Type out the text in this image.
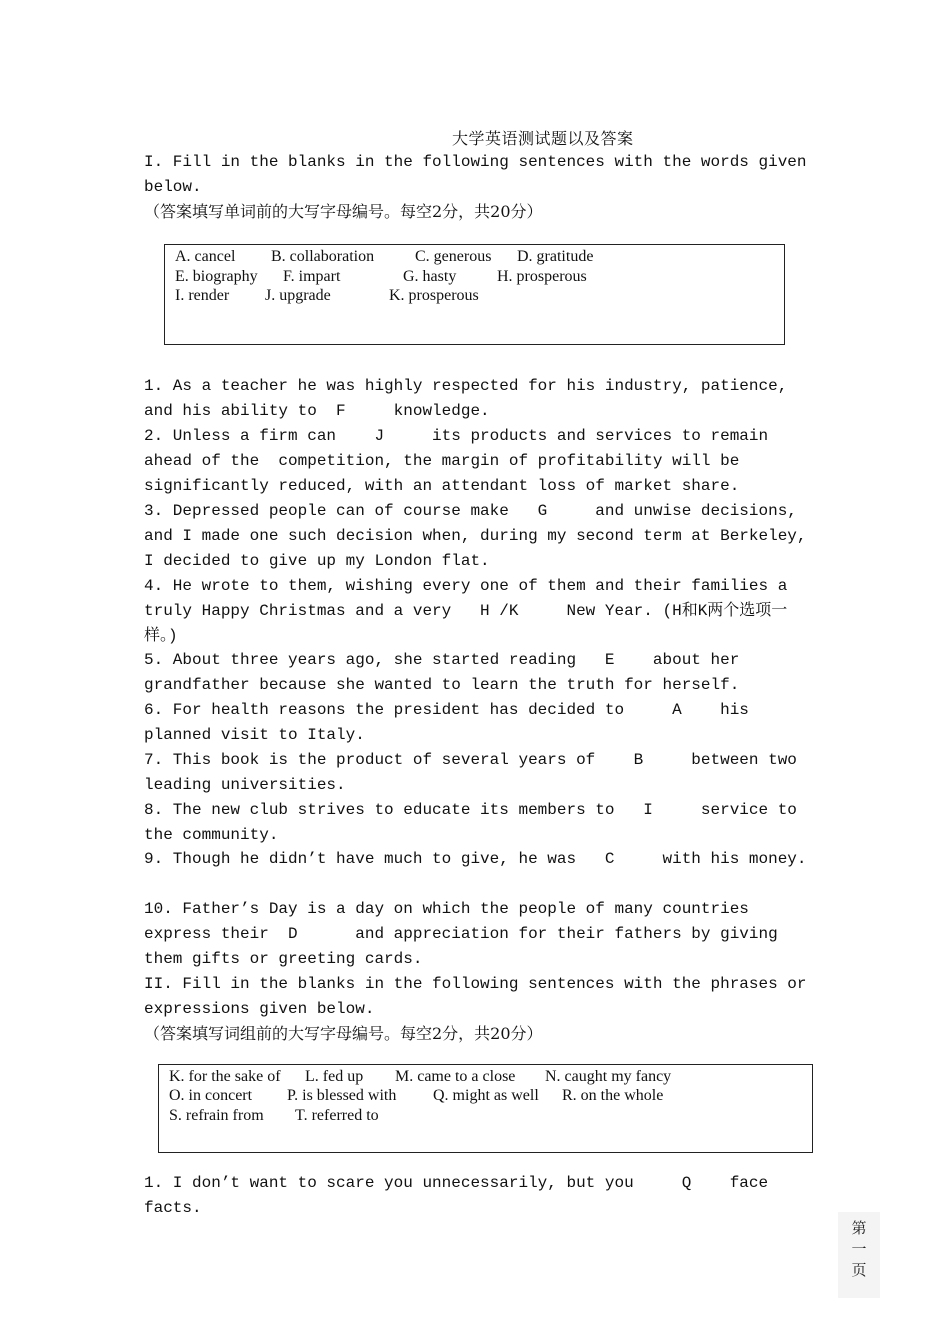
大学英语测试题以及答案
I. Fill in the blanks in the following sentences with the words given below.
（答案填写单词前的大写字母编号。每空2分，共20分）
A. cancel B. collaboration	C. generous D. gratitude
E. biography F. impart	G. hasty	H. prosperous
I. render J. upgrade	K. prosperous
1. As a teacher he was highly respected for his industry, patience, and his ability to  F     knowledge.
2. Unless a firm can    J     its products and services to remain ahead of the  competition, the margin of profitability will be significantly reduced, with an attendant loss of market share.
3. Depressed people can of course make   G     and unwise decisions, and I made one such decision when, during my second term at Berkeley, I decided to give up my London flat.
4. He wrote to them, wishing every one of them and their families a truly Happy Christmas and a very   H /K     New Year. (H和K两个选项一样。)
5. About three years ago, she started reading   E    about her grandfather because she wanted to learn the truth for herself.
6. For health reasons the president has decided to     A    his planned visit to Italy.
7. This book is the product of several years of    B     between two leading universities.
8. The new club strives to educate its members to   I     service to the community.
9. Though he didn’t have much to give, he was   C     with his money.
10. Father’s Day is a day on which the people of many countries express their  D      and appreciation for their fathers by giving them gifts or greeting cards.
II. Fill in the blanks in the following sentences with the phrases or expressions given below.
（答案填写词组前的大写字母编号。每空2分，共20分）
K. for the sake of L. fed up M. came to a close N. caught my fancy
O. in concert P. is blessed with Q. might as well R. on the whole
S. refrain from T. referred to
1. I don’t want to scare you unnecessarily, but you     Q    face facts.
第
一
页
